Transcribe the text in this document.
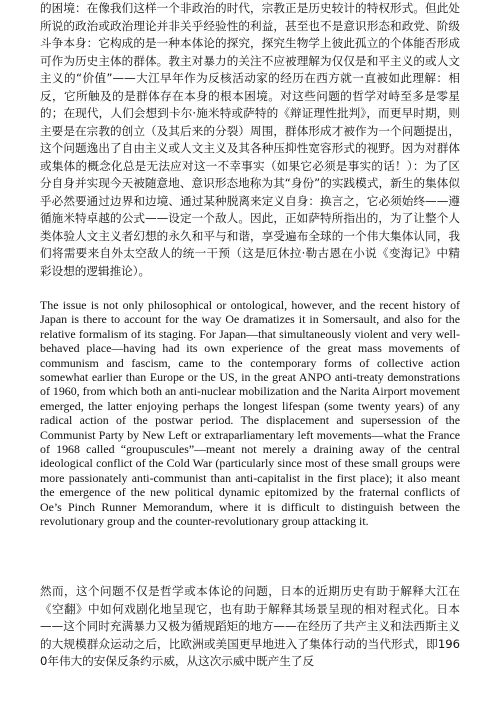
的困境：在像我们这样一个非政治的时代，宗教正是历史较计的特权形式。但此处所说的政治或政治理论并非关乎经验性的利益，甚至也不是意识形态和政党、阶级斗争本身：它构成的是一种本体论的探究，探究生物学上彼此孤立的个体能否形成可作为历史主体的群体。教主对暴力的关注不应被理解为仅仅是和平主义的或人文主义的“价值”——大江早年作为反核活动家的经历在西方就一直被如此理解：相反，它所触及的是群体存在本身的根本困境。对这些问题的哲学对峙至多是零星的；在现代，人们会想到卡尔·施米特或萨特的《辩证理性批判》，而更早时期，则主要是在宗教的创立（及其后来的分裂）周围，群体形成才被作为一个问题提出，这个问题逸出了自由主义或人文主义及其各种压抑性宽容形式的视野。因为对群体或集体的概念化总是无法应对这一不幸事实（如果它必须是事实的话！）：为了区分自身并实现今天被随意地、意识形态地称为其“身份”的实践模式，新生的集体似乎必然要通过边界和边境、通过某种脱离来定义自身：换言之，它必须始终——遵循施米特卓越的公式——设定一个敌人。因此，正如萨特所指出的，为了让整个人类体验人文主义者幻想的永久和平与和谐，享受遍布全球的一个伟大集体认同，我们将需要来自外太空敌人的统一干预（这是厄休拉·勒古恩在小说《变海记》中精彩设想的逻辑推论）。

The issue is not only philosophical or ontological, however, and the recent history of Japan is there to account for the way Oe dramatizes it in Somersault, and also for the relative formalism of its staging. For Japan—that simultaneously violent and very well-behaved place—having had its own experience of the great mass movements of communism and fascism, came to the contemporary forms of collective action somewhat earlier than Europe or the US, in the great ANPO anti-treaty demonstrations of 1960, from which both an anti-nuclear mobilization and the Narita Airport movement emerged, the latter enjoying perhaps the longest lifespan (some twenty years) of any radical action of the postwar period. The displacement and supersession of the Communist Party by New Left or extraparliamentary left movements—what the France of 1968 called “groupuscules”—meant not merely a draining away of the central ideological conflict of the Cold War (particularly since most of these small groups were more passionately anti-communist than anti-capitalist in the first place); it also meant the emergence of the new political dynamic epitomized by the fraternal conflicts of Oe’s Pinch Runner Memorandum, where it is difficult to distinguish between the revolutionary group and the counter-revolutionary group attacking it.

然而，这个问题不仅是哲学或本体论的问题，日本的近期历史有助于解释大江在《空翻》中如何戏剧化地呈现它，也有助于解释其场景呈现的相对程式化。日本——这个同时充满暴力又极为循规蹈矩的地方——在经历了共产主义和法西斯主义的大规模群众运动之后，比欧洲或美国更早地进入了集体行动的当代形式，即1960年伟大的安保反条约示威，从这次示威中既产生了反
